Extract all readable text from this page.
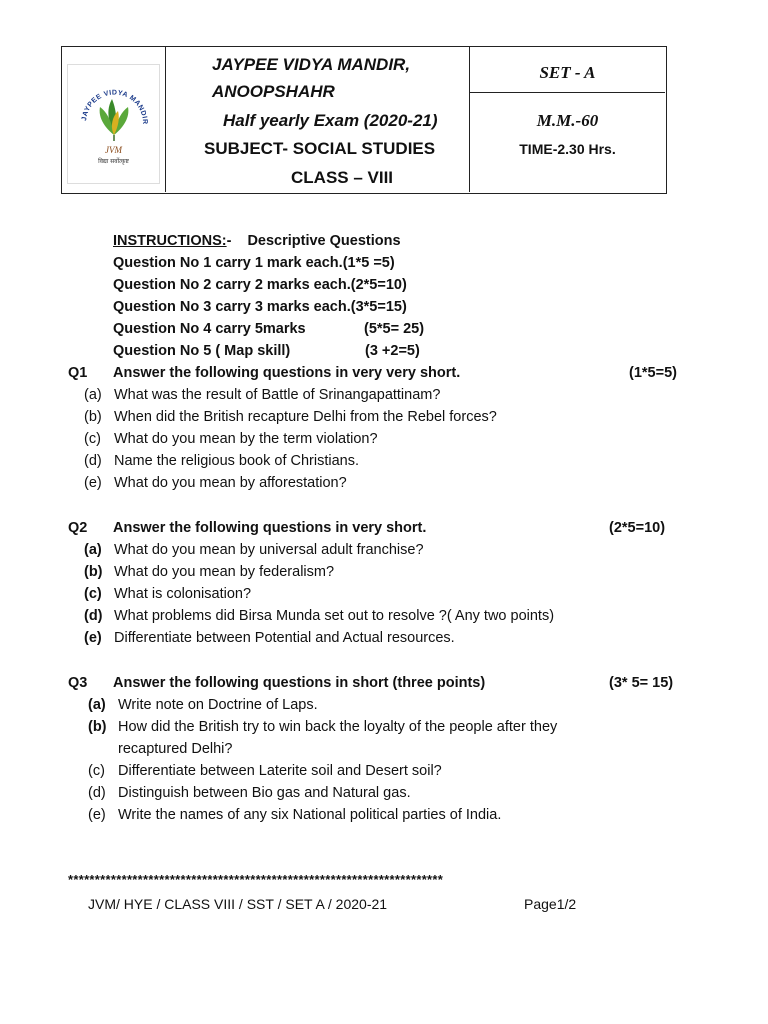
JAYPEE VIDYA MANDIR
JVM
विद्या सर्वोत्कृष्ट
JAYPEE VIDYA MANDIR,
ANOOPSHAHR
Half yearly Exam (2020-21)
SUBJECT- SOCIAL STUDIES
CLASS – VIII
SET - A
M.M.-60
TIME-2.30 Hrs.
INSTRUCTIONS:- Descriptive Questions
Question No 1 carry 1 mark each.(1*5 =5)
Question No 2 carry 2 marks each.(2*5=10)
Question No 3 carry 3 marks each.(3*5=15)
Question No 4 carry 5marks	(5*5= 25)
Question No 5 ( Map skill)	(3 +2=5)
Q1 Answer the following questions in very very short.	(1*5=5)
(a) What was the result of Battle of Srinangapattinam?
(b) When did the British recapture Delhi from the Rebel forces?
(c) What do you mean by the term violation?
(d) Name the religious book of Christians.
(e) What do you mean by afforestation?
Q2 Answer the following questions in very short.	(2*5=10)
(a) What do you mean by universal adult franchise?
(b) What do you mean by federalism?
(c) What is colonisation?
(d) What problems did Birsa Munda set out to resolve ?( Any two points)
(e) Differentiate between Potential and Actual resources.
Q3 Answer the following questions in short (three points)	(3* 5= 15)
(a) Write note on Doctrine of Laps.
(b) How did the British try to win back the loyalty of the people after they
recaptured Delhi?
(c) Differentiate between Laterite soil and Desert soil?
(d) Distinguish between Bio gas and Natural gas.
(e) Write the names of any six National political parties of India.
**********************************************************************
JVM/ HYE / CLASS VIII / SST / SET A / 2020-21	Page1/2
